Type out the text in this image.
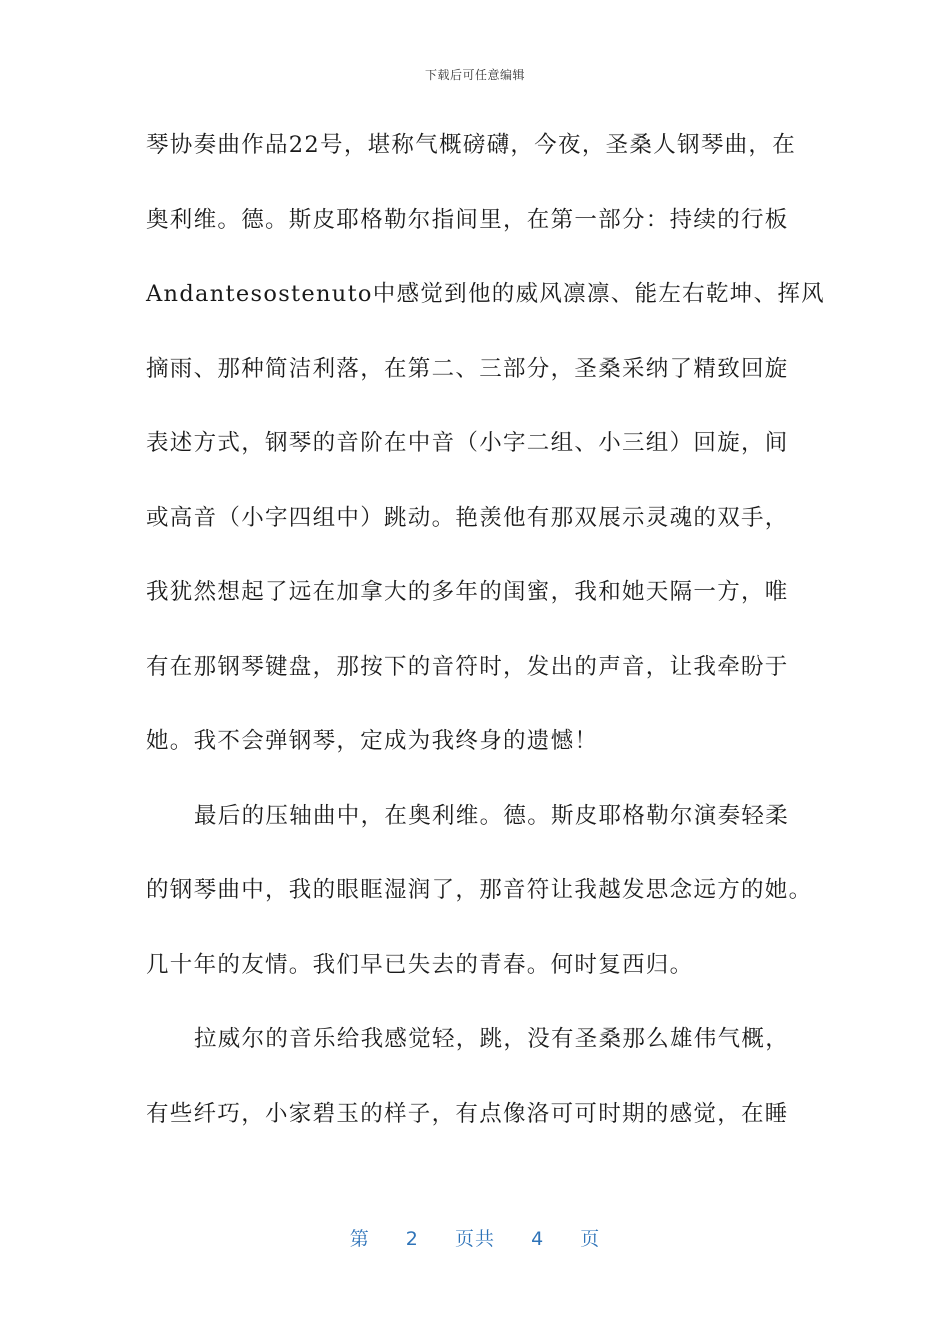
下载后可任意编辑
琴协奏曲作品22号，堪称气概磅礴，今夜，圣桑人钢琴曲，在
奥利维。德。斯皮耶格勒尔指间里，在第一部分：持续的行板
Andantesostenuto中感觉到他的威风凛凛、能左右乾坤、挥风
摘雨、那种简洁利落，在第二、三部分，圣桑采纳了精致回旋
表述方式，钢琴的音阶在中音（小字二组、小三组）回旋，间
或高音（小字四组中）跳动。艳羡他有那双展示灵魂的双手，
我犹然想起了远在加拿大的多年的闺蜜，我和她天隔一方，唯
有在那钢琴键盘，那按下的音符时，发出的声音，让我牵盼于
她。我不会弹钢琴，定成为我终身的遗憾！
最后的压轴曲中，在奥利维。德。斯皮耶格勒尔演奏轻柔
的钢琴曲中，我的眼眶湿润了，那音符让我越发思念远方的她。
几十年的友情。我们早已失去的青春。何时复西归。
拉威尔的音乐给我感觉轻，跳，没有圣桑那么雄伟气概，
有些纤巧，小家碧玉的样子，有点像洛可可时期的感觉，在睡
第 2 页共 4 页
